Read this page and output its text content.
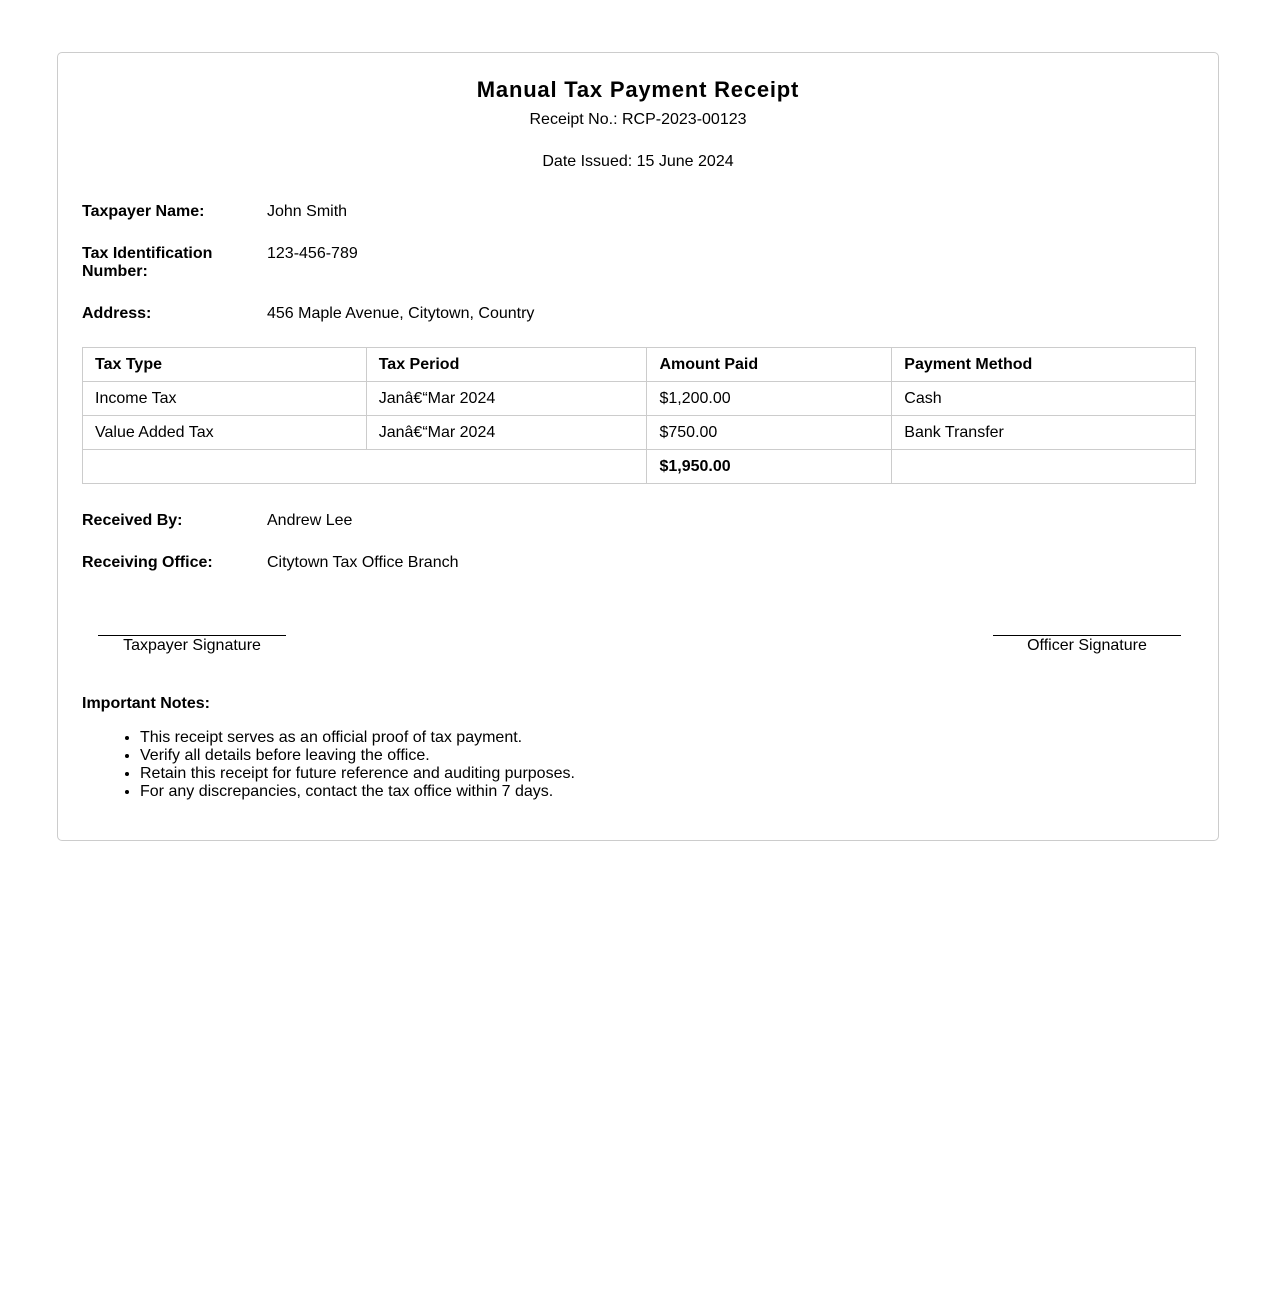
Manual Tax Payment Receipt
Receipt No.: RCP-2023-00123
Date Issued: 15 June 2024
Taxpayer Name:	John Smith
Tax Identification Number:
123-456-789
Address:	456 Maple Avenue, Citytown, Country
Tax Type	Tax Period	Amount Paid	Payment Method
Income Tax	Janâ€“Mar 2024	$1,200.00	Cash
Value Added Tax	Janâ€“Mar 2024	$750.00	Bank Transfer
		$1,950.00	
Received By:	Andrew Lee
Receiving Office:	Citytown Tax Office Branch
Taxpayer Signature	Officer Signature
Important Notes:
• This receipt serves as an official proof of tax payment.
• Verify all details before leaving the office.
• Retain this receipt for future reference and auditing purposes.
• For any discrepancies, contact the tax office within 7 days.
